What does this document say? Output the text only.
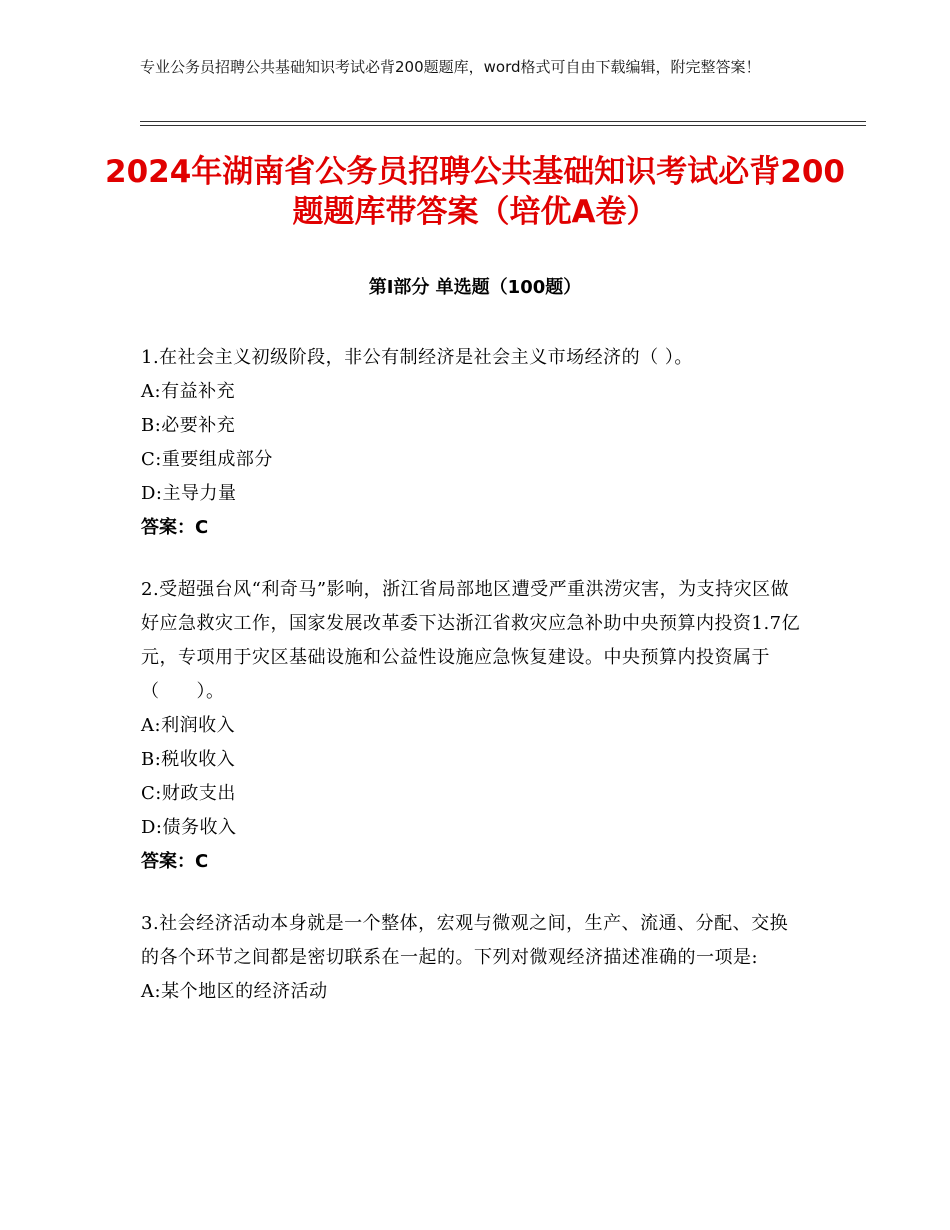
专业公务员招聘公共基础知识考试必背200题题库，word格式可自由下载编辑，附完整答案！
2024年湖南省公务员招聘公共基础知识考试必背200题题库带答案（培优A卷）
第Ⅰ部分 单选题（100题）
1.在社会主义初级阶段，非公有制经济是社会主义市场经济的（ ）。
A:有益补充
B:必要补充
C:重要组成部分
D:主导力量
答案：C
2.受超强台风“利奇马”影响，浙江省局部地区遭受严重洪涝灾害，为支持灾区做好应急救灾工作，国家发展改革委下达浙江省救灾应急补助中央预算内投资1.7亿元，专项用于灾区基础设施和公益性设施应急恢复建设。中央预算内投资属于（　　）。
A:利润收入
B:税收收入
C:财政支出
D:债务收入
答案：C
3.社会经济活动本身就是一个整体，宏观与微观之间，生产、流通、分配、交换的各个环节之间都是密切联系在一起的。下列对微观经济描述准确的一项是:
A:某个地区的经济活动
